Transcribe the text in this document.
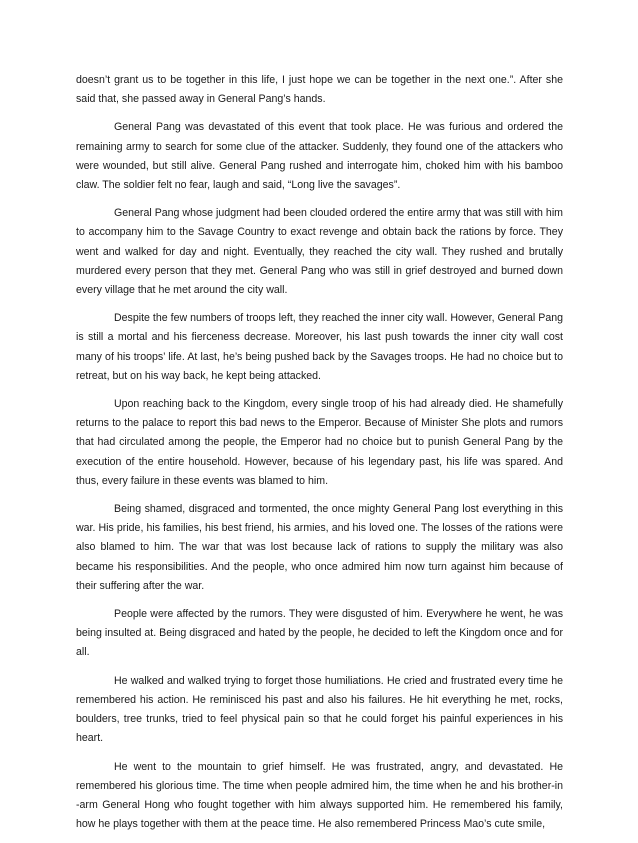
doesn’t grant us to be together in this life, I just hope we can be together in the next one.”. After she said that, she passed away in General Pang’s hands.

General Pang was devastated of this event that took place. He was furious and ordered the remaining army to search for some clue of the attacker. Suddenly, they found one of the attackers who were wounded, but still alive. General Pang rushed and interrogate him, choked him with his bamboo claw. The soldier felt no fear, laugh and said, “Long live the savages”.

General Pang whose judgment had been clouded ordered the entire army that was still with him to accompany him to the Savage Country to exact revenge and obtain back the rations by force. They went and walked for day and night. Eventually, they reached the city wall. They rushed and brutally murdered every person that they met. General Pang who was still in grief destroyed and burned down every village that he met around the city wall.

Despite the few numbers of troops left, they reached the inner city wall. However, General Pang is still a mortal and his fierceness decrease. Moreover, his last push towards the inner city wall cost many of his troops’ life. At last, he’s being pushed back by the Savages troops. He had no choice but to retreat, but on his way back, he kept being attacked.

Upon reaching back to the Kingdom, every single troop of his had already died. He shamefully returns to the palace to report this bad news to the Emperor. Because of Minister She plots and rumors that had circulated among the people, the Emperor had no choice but to punish General Pang by the execution of the entire household. However, because of his legendary past, his life was spared. And thus, every failure in these events was blamed to him.

Being shamed, disgraced and tormented, the once mighty General Pang lost everything in this war. His pride, his families, his best friend, his armies, and his loved one. The losses of the rations were also blamed to him. The war that was lost because lack of rations to supply the military was also became his responsibilities. And the people, who once admired him now turn against him because of their suffering after the war.

People were affected by the rumors. They were disgusted of him. Everywhere he went, he was being insulted at. Being disgraced and hated by the people, he decided to left the Kingdom once and for all.

He walked and walked trying to forget those humiliations. He cried and frustrated every time he remembered his action. He reminisced his past and also his failures. He hit everything he met, rocks, boulders, tree trunks, tried to feel physical pain so that he could forget his painful experiences in his heart.

He went to the mountain to grief himself. He was frustrated, angry, and devastated. He remembered his glorious time. The time when people admired him, the time when he and his brother-in -arm General Hong who fought together with him always supported him. He remembered his family, how he plays together with them at the peace time. He also remembered Princess Mao’s cute smile,
